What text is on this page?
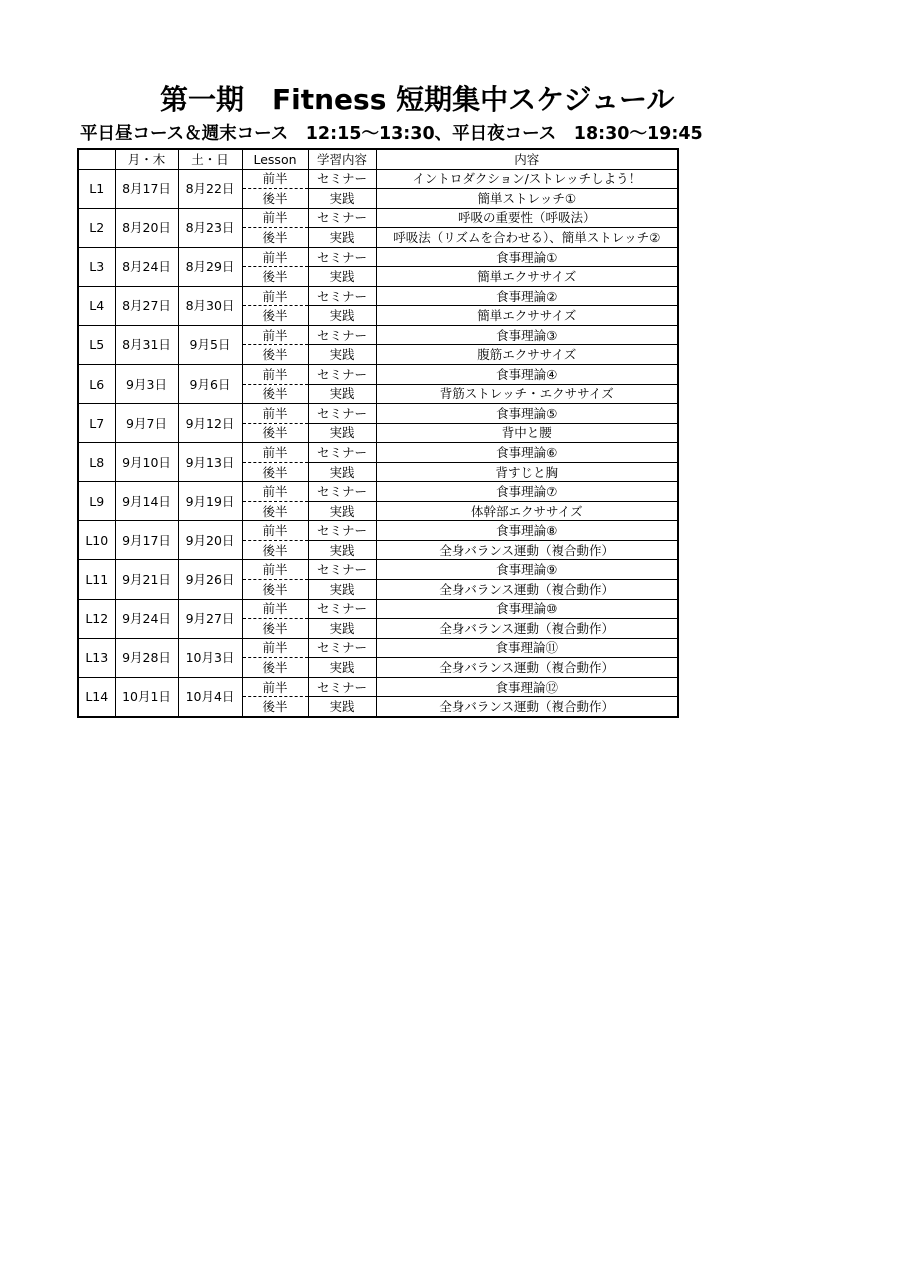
第一期　Fitness 短期集中スケジュール
平日昼コース＆週末コース　12:15～13:30、平日夜コース　18:30～19:45
	月・木	土・日	Lesson	学習内容	内容
L1	8月17日	8月22日	前半	セミナー	イントロダクション/ストレッチしよう！
			後半	実践	簡単ストレッチ①
L2	8月20日	8月23日	前半	セミナー	呼吸の重要性（呼吸法）
			後半	実践	呼吸法（リズムを合わせる）、簡単ストレッチ②
L3	8月24日	8月29日	前半	セミナー	食事理論①
			後半	実践	簡単エクササイズ
L4	8月27日	8月30日	前半	セミナー	食事理論②
			後半	実践	簡単エクササイズ
L5	8月31日	9月5日	前半	セミナー	食事理論③
			後半	実践	腹筋エクササイズ
L6	9月3日	9月6日	前半	セミナー	食事理論④
			後半	実践	背筋ストレッチ・エクササイズ
L7	9月7日	9月12日	前半	セミナー	食事理論⑤
			後半	実践	背中と腰
L8	9月10日	9月13日	前半	セミナー	食事理論⑥
			後半	実践	背すじと胸
L9	9月14日	9月19日	前半	セミナー	食事理論⑦
			後半	実践	体幹部エクササイズ
L10	9月17日	9月20日	前半	セミナー	食事理論⑧
			後半	実践	全身バランス運動（複合動作）
L11	9月21日	9月26日	前半	セミナー	食事理論⑨
			後半	実践	全身バランス運動（複合動作）
L12	9月24日	9月27日	前半	セミナー	食事理論⑩
			後半	実践	全身バランス運動（複合動作）
L13	9月28日	10月3日	前半	セミナー	食事理論⑪
			後半	実践	全身バランス運動（複合動作）
L14	10月1日	10月4日	前半	セミナー	食事理論⑫
			後半	実践	全身バランス運動（複合動作）
